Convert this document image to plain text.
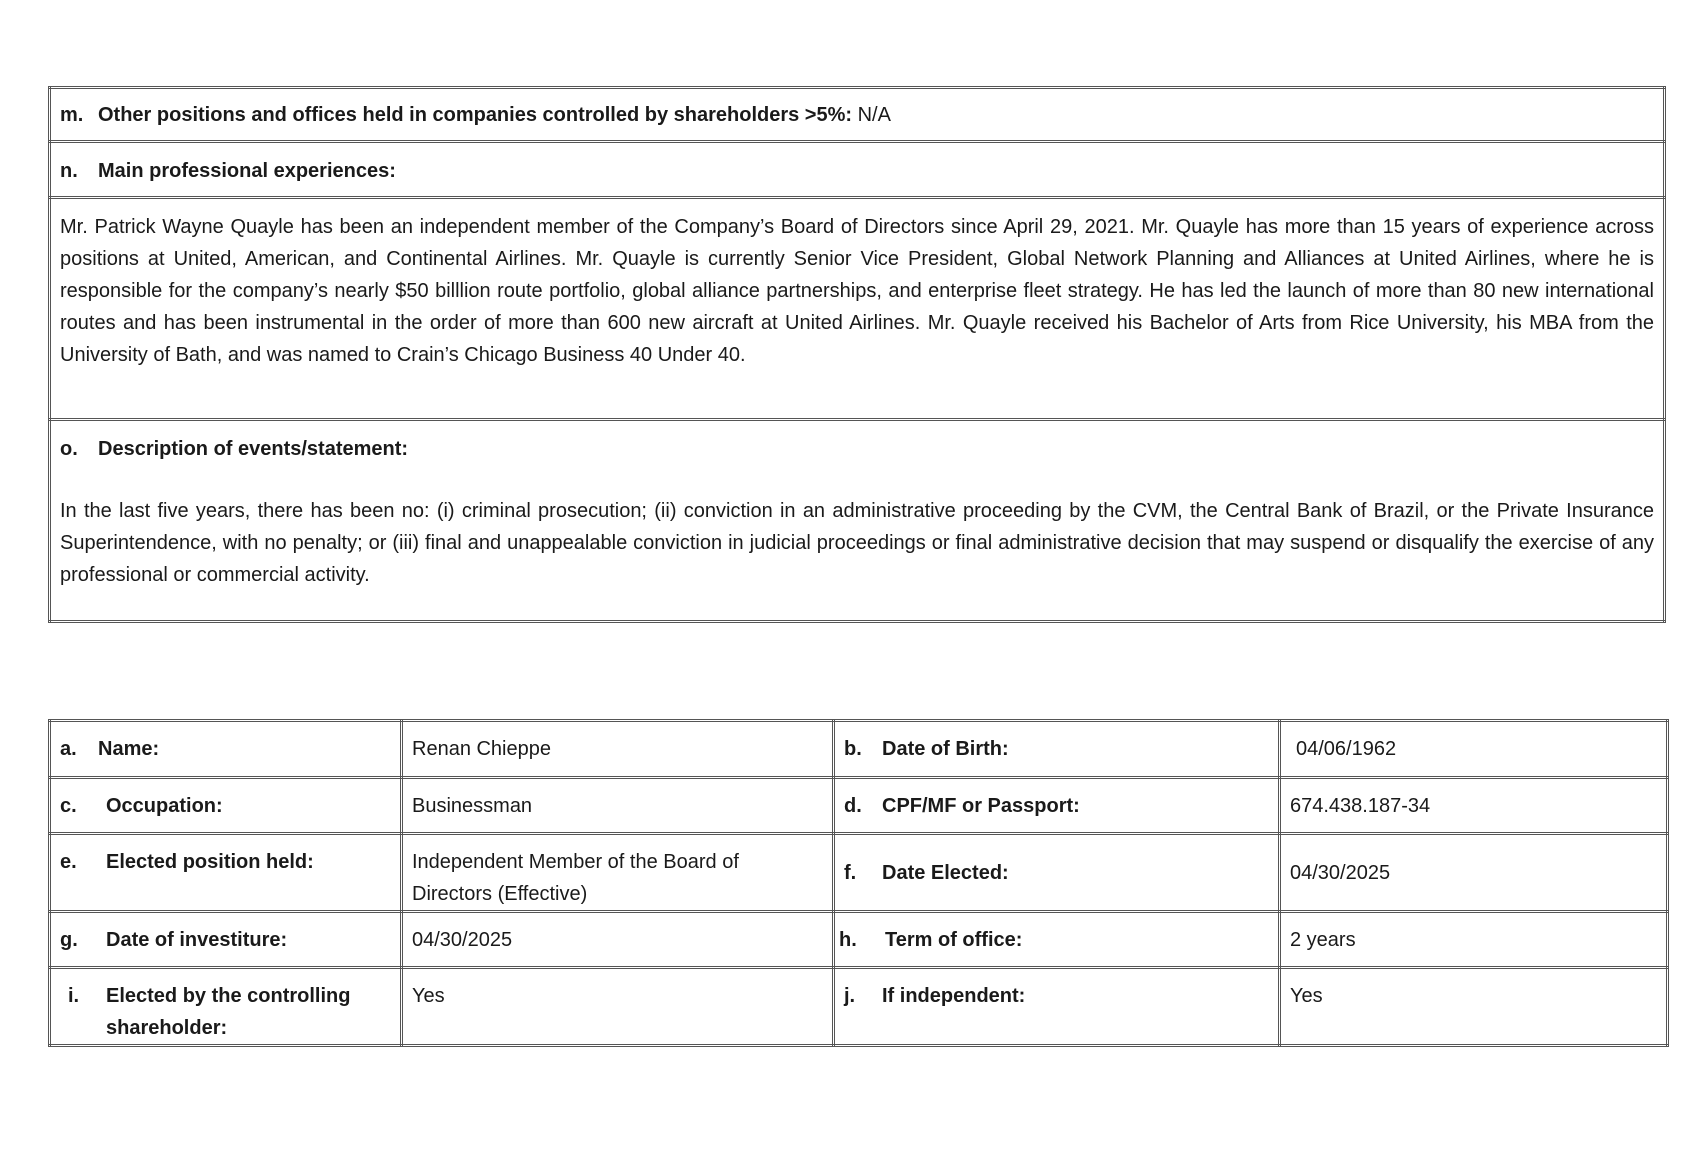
m. Other positions and offices held in companies controlled by shareholders >5%: N/A
n. Main professional experiences:

Mr. Patrick Wayne Quayle has been an independent member of the Company’s Board of Directors since April 29, 2021. Mr. Quayle has more than 15 years of experience across positions at United, American, and Continental Airlines. Mr. Quayle is currently Senior Vice President, Global Network Planning and Alliances at United Airlines, where he is responsible for the company’s nearly $50 billlion route portfolio, global alliance partnerships, and enterprise fleet strategy. He has led the launch of more than 80 new international routes and has been instrumental in the order of more than 600 new aircraft at United Airlines. Mr. Quayle received his Bachelor of Arts from Rice University, his MBA from the University of Bath, and was named to Crain’s Chicago Business 40 Under 40.

o. Description of events/statement:

In the last five years, there has been no: (i) criminal prosecution; (ii) conviction in an administrative proceeding by the CVM, the Central Bank of Brazil, or the Private Insurance Superintendence, with no penalty; or (iii) final and unappealable conviction in judicial proceedings or final administrative decision that may suspend or disqualify the exercise of any professional or commercial activity.

a. Name:	Renan Chieppe	b. Date of Birth:	04/06/1962
c. Occupation:	Businessman	d. CPF/MF or Passport:	674.438.187-34
e. Elected position held:	Independent Member of the Board of Directors (Effective)	f. Date Elected:	04/30/2025
g. Date of investiture:	04/30/2025	h. Term of office:	2 years
i. Elected by the controlling shareholder:	Yes	j. If independent:	Yes
